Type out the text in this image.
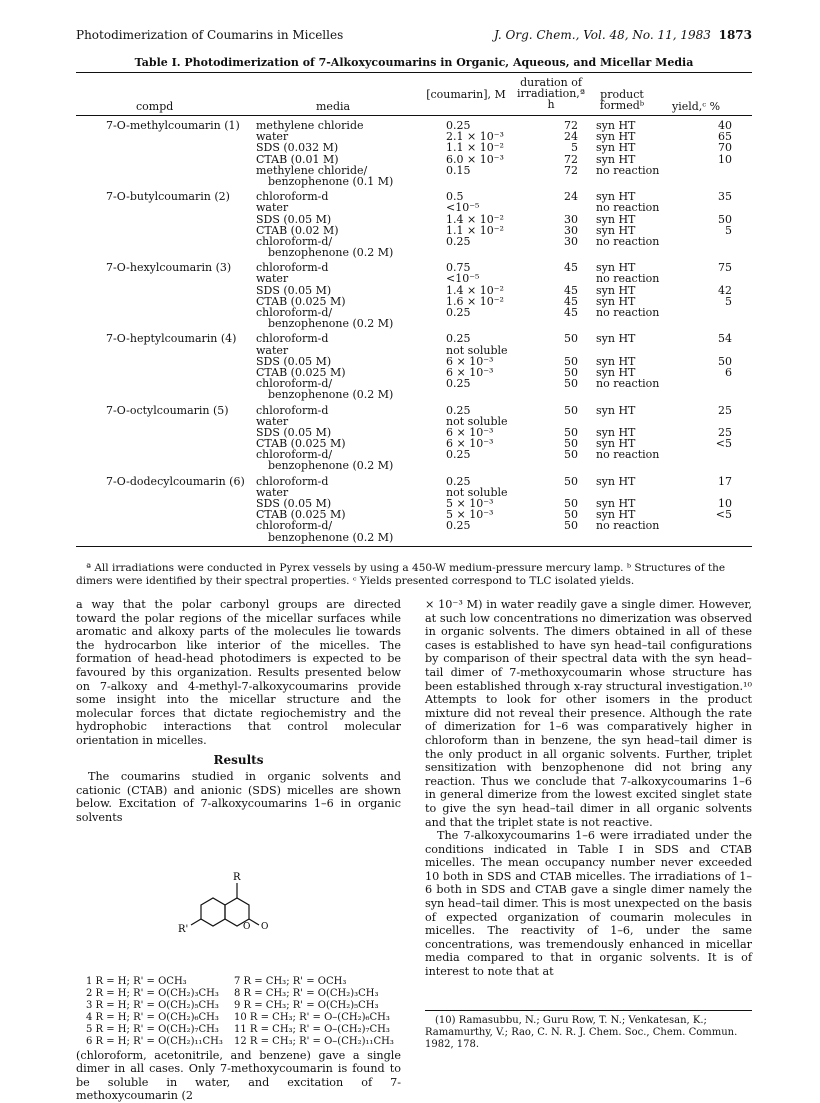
Photodimerization of Coumarins in Micelles	J. Org. Chem., Vol. 48, No. 11, 1983 1873
Table I. Photodimerization of 7-Alkoxycoumarins in Organic, Aqueous, and Micellar Media
compd	media
[coumarin], M
duration of irradiation,ª h
product formedᵇ	yield,ᶜ %
7-O-methylcoumarin (1) methylene chloride	0.25	72 syn HT	40
water	2.1 × 10⁻³	24 syn HT	65
SDS (0.032 M)	1.1 × 10⁻²	5 syn HT	70
CTAB (0.01 M)	6.0 × 10⁻³	72 syn HT	10
methylene chloride/	0.15	72 no reaction
benzophenone (0.1 M)
7-O-butylcoumarin (2) chloroform-d	0.5	24 syn HT	35
water	<10⁻⁵	no reaction
SDS (0.05 M)	1.4 × 10⁻²	30 syn HT	50
CTAB (0.02 M)	1.1 × 10⁻²	30 syn HT	5
chloroform-d/	0.25	30 no reaction
benzophenone (0.2 M)
7-O-hexylcoumarin (3) chloroform-d	0.75	45 syn HT	75
water	<10⁻⁵	no reaction
SDS (0.05 M)	1.4 × 10⁻²	45 syn HT	42
CTAB (0.025 M)	1.6 × 10⁻²	45 syn HT	5
chloroform-d/	0.25	45 no reaction
benzophenone (0.2 M)
7-O-heptylcoumarin (4) chloroform-d	0.25	50 syn HT	54
water	not soluble
SDS (0.05 M)	6 × 10⁻³	50 syn HT	50
CTAB (0.025 M)	6 × 10⁻³	50 syn HT	6
chloroform-d/	0.25	50 no reaction
benzophenone (0.2 M)
7-O-octylcoumarin (5) chloroform-d	0.25	50 syn HT	25
water	not soluble
SDS (0.05 M)	6 × 10⁻³	50 syn HT	25
CTAB (0.025 M)	6 × 10⁻³	50 syn HT	<5
chloroform-d/	0.25	50 no reaction
benzophenone (0.2 M)
7-O-dodecylcoumarin (6) chloroform-d	0.25	50 syn HT	17
water	not soluble
SDS (0.05 M)	5 × 10⁻³	50 syn HT	10
CTAB (0.025 M)	5 × 10⁻³	50 syn HT	<5
chloroform-d/	0.25	50 no reaction
benzophenone (0.2 M)
ª All irradiations were conducted in Pyrex vessels by using a 450-W medium-pressure mercury lamp. ᵇ Structures of the dimers were identified by their spectral properties. ᶜ Yields presented correspond to TLC isolated yields.

a way that the polar carbonyl groups are directed toward the polar regions of the micellar surfaces while aromatic and alkoxy parts of the molecules lie towards the hydrocarbon like interior of the micelles. The formation of head-head photodimers is expected to be favoured by this organization. Results presented below on 7-alkoxy and 4-methyl-7-alkoxycoumarins provide some insight into the micellar structure and the molecular forces that dictate regiochemistry and the hydrophobic interactions that control molecular orientation in micelles.

Results

The coumarins studied in organic solvents and cationic (CTAB) and anionic (SDS) micelles are shown below. Excitation of 7-alkoxycoumarins 1–6 in organic solvents

R
R'	O O
1 R = H; R' = OCH₃
2 R = H; R' = O(CH₂)₃CH₃
3 R = H; R' = O(CH₂)₅CH₃
4 R = H; R' = O(CH₂)₆CH₃
5 R = H; R' = O(CH₂)₇CH₃
6 R = H; R' = O(CH₂)₁₁CH₃
7 R = CH₃; R' = OCH₃
8 R = CH₃; R' = O(CH₂)₃CH₃
9 R = CH₃; R' = O(CH₂)₅CH₃
10 R = CH₃; R' = O–(CH₂)₆CH₃
11 R = CH₃; R' = O–(CH₂)₇CH₃
12 R = CH₃; R' = O–(CH₂)₁₁CH₃

(chloroform, acetonitrile, and benzene) gave a single dimer in all cases. Only 7-methoxycoumarin is found to be soluble in water, and excitation of 7-methoxycoumarin (2

× 10⁻³ M) in water readily gave a single dimer. However, at such low concentrations no dimerization was observed in organic solvents. The dimers obtained in all of these cases is established to have syn head–tail configurations by comparison of their spectral data with the syn head–tail dimer of 7-methoxycoumarin whose structure has been established through x-ray structural investigation.¹⁰ Attempts to look for other isomers in the product mixture did not reveal their presence. Although the rate of dimerization for 1–6 was comparatively higher in chloroform than in benzene, the syn head–tail dimer is the only product in all organic solvents. Further, triplet sensitization with benzophenone did not bring any reaction. Thus we conclude that 7-alkoxycoumarins 1–6 in general dimerize from the lowest excited singlet state to give the syn head–tail dimer in all organic solvents and that the triplet state is not reactive.

The 7-alkoxycoumarins 1–6 were irradiated under the conditions indicated in Table I in SDS and CTAB micelles. The mean occupancy number never exceeded 10 both in SDS and CTAB micelles. The irradiations of 1–6 both in SDS and CTAB gave a single dimer namely the syn head–tail dimer. This is most unexpected on the basis of expected organization of coumarin molecules in micelles. The reactivity of 1–6, under the same concentrations, was tremendously enhanced in micellar media compared to that in organic solvents. It is of interest to note that at

(10) Ramasubbu, N.; Guru Row, T. N.; Venkatesan, K.; Ramamurthy, V.; Rao, C. N. R. J. Chem. Soc., Chem. Commun. 1982, 178.
